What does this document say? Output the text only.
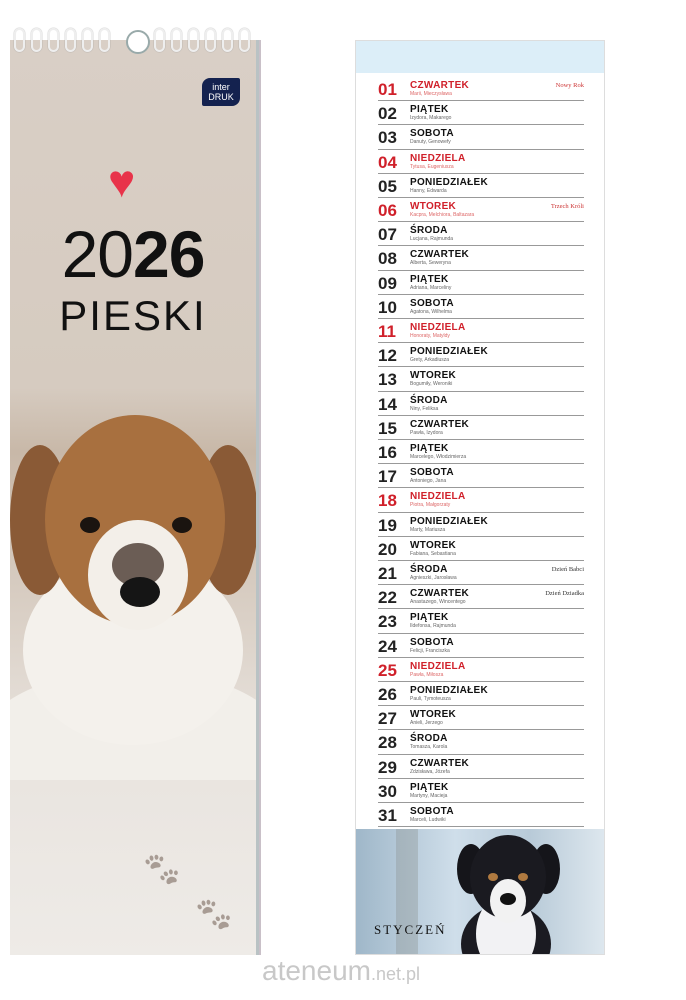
inter
DRUK
♥
2026
PIESKI
🐾︎
🐾︎
01 CZWARTEK
Marii, Mieczysława
Nowy Rok
02 PIĄTEK
Izydora, Makarego
03 SOBOTA
Danuty, Genowefy
04 NIEDZIELA
Tytusa, Eugeniusza
05 PONIEDZIAŁEK
Hanny, Edwarda
06 WTOREK
Kacpra, Melchiora, Baltazara
Trzech Króli
07 ŚRODA
Lucjana, Rajmunda
08 CZWARTEK
Alberta, Seweryna
09 PIĄTEK
Adriana, Marceliny
10 SOBOTA
Agatona, Wilhelma
11 NIEDZIELA
Honoraty, Matyldy
12 PONIEDZIAŁEK
Grety, Arkadiusza
13 WTOREK
Bogumiły, Weroniki
14 ŚRODA
Niny, Feliksa
15 CZWARTEK
Pawła, Izydora
16 PIĄTEK
Marcelego, Włodzimierza
17 SOBOTA
Antoniego, Jana
18 NIEDZIELA
Piotra, Małgorzaty
19 PONIEDZIAŁEK
Marty, Mariusza
20 WTOREK
Fabiana, Sebastiana
21 ŚRODA
Agnieszki, Jarosława
Dzień Babci
22 CZWARTEK
Anastazego, Wincentego
Dzień Dziadka
23 PIĄTEK
Ildefonsa, Rajmunda
24 SOBOTA
Felicji, Franciszka
25 NIEDZIELA
Pawła, Miłosza
26 PONIEDZIAŁEK
Pauli, Tymoteusza
27 WTOREK
Anieli, Jerzego
28 ŚRODA
Tomasza, Karola
29 CZWARTEK
Zdzisława, Józefa
30 PIĄTEK
Martyny, Macieja
31 SOBOTA
Marceli, Ludwiki
STYCZEŃ
ateneum.net.pl
